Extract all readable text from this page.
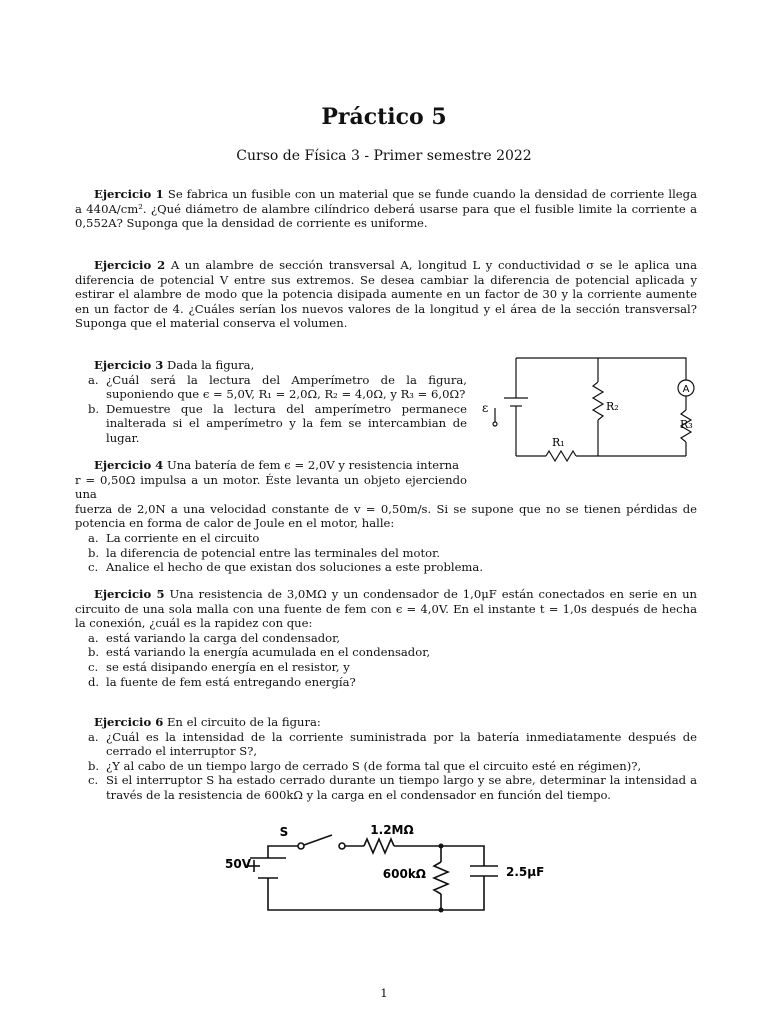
Práctico 5
Curso de Física 3 - Primer semestre 2022

Ejercicio 1 Se fabrica un fusible con un material que se funde cuando la densidad de corriente llega a 440A/cm². ¿Qué diámetro de alambre cilíndrico deberá usarse para que el fusible limite la corriente a 0,552A? Suponga que la densidad de corriente es uniforme.

Ejercicio 2 A un alambre de sección transversal A, longitud L y conductividad σ se le aplica una diferencia de potencial V entre sus extremos. Se desea cambiar la diferencia de potencial aplicada y estirar el alambre de modo que la potencia disipada aumente en un factor de 30 y la corriente aumente en un factor de 4. ¿Cuáles serían los nuevos valores de la longitud y el área de la sección transversal? Suponga que el material conserva el volumen.

Ejercicio 3 Dada la figura,

a. ¿Cuál será la lectura del Amperímetro de la figura, suponiendo que ϵ = 5,0V, R₁ = 2,0Ω, R₂ = 4,0Ω, y R₃ = 6,0Ω?
b. Demuestre que la lectura del amperímetro permanece inalterada si el amperímetro y la fem se intercambian de lugar.
ε
A
R₁
R₂
R₃

Ejercicio 4 Una batería de fem ϵ = 2,0V y resistencia interna

r = 0,50Ω impulsa a un motor. Éste levanta un objeto ejerciendo una
fuerza de 2,0N a una velocidad constante de v = 0,50m/s. Si se supone que no se tienen pérdidas de potencia en forma de calor de Joule en el motor, halle:
a. La corriente en el circuito
b. la diferencia de potencial entre las terminales del motor.
c. Analice el hecho de que existan dos soluciones a este problema.

Ejercicio 5 Una resistencia de 3,0MΩ y un condensador de 1,0μF están conectados en serie en un circuito de una sola malla con una fuente de fem con ϵ = 4,0V. En el instante t = 1,0s después de hecha la conexión, ¿cuál es la rapidez con que:

a. está variando la carga del condensador,
b. está variando la energía acumulada en el condensador,
c. se está disipando energía en el resistor, y
d. la fuente de fem está entregando energía?

Ejercicio 6 En el circuito de la figura:

a. ¿Cuál es la intensidad de la corriente suministrada por la batería inmediatamente después de cerrado el interruptor S?,
b. ¿Y al cabo de un tiempo largo de cerrado S (de forma tal que el circuito esté en régimen)?,
c. Si el interruptor S ha estado cerrado durante un tiempo largo y se abre, determinar la intensidad a través de la resistencia de 600kΩ y la carga en el condensador en función del tiempo.
S	1.2MΩ
50V
600kΩ	2.5μF
1
